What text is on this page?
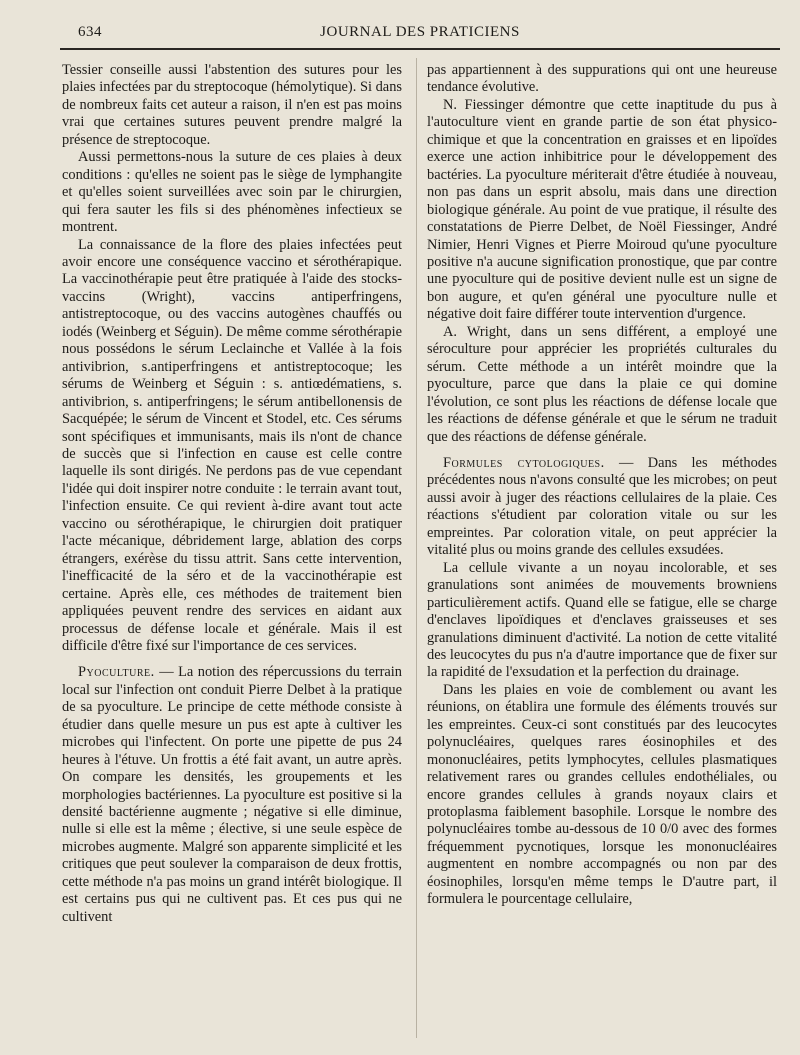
634	JOURNAL DES PRATICIENS

Tessier conseille aussi l'abstention des sutures pour les plaies infectées par du streptocoque (hémolytique). Si dans de nombreux faits cet auteur a raison, il n'en est pas moins vrai que certaines sutures peuvent prendre malgré la présence de streptocoque.

Aussi permettons-nous la suture de ces plaies à deux conditions : qu'elles ne soient pas le siège de lymphangite et qu'elles soient surveillées avec soin par le chirurgien, qui fera sauter les fils si des phénomènes infectieux se montrent.

La connaissance de la flore des plaies infectées peut avoir encore une conséquence vaccino et sérothérapique. La vaccinothérapie peut être pratiquée à l'aide des stocks-vaccins (Wright), vaccins antiperfringens, antistreptocoque, ou des vaccins autogènes chauffés ou iodés (Weinberg et Séguin). De même comme sérothérapie nous possédons le sérum Leclainche et Vallée à la fois antivibrion, s.antiperfringens et antistreptocoque; les sérums de Weinberg et Séguin : s. antiœdématiens, s. antivibrion, s. antiperfringens; le sérum antibellonensis de Sacquépée; le sérum de Vincent et Stodel, etc. Ces sérums sont spécifiques et immunisants, mais ils n'ont de chance de succès que si l'infection en cause est celle contre laquelle ils sont dirigés. Ne perdons pas de vue cependant l'idée qui doit inspirer notre conduite : le terrain avant tout, l'infection ensuite. Ce qui revient à-dire avant tout acte vaccino ou sérothérapique, le chirurgien doit pratiquer l'acte mécanique, débridement large, ablation des corps étrangers, exérèse du tissu attrit. Sans cette intervention, l'inefficacité de la séro et de la vaccinothérapie est certaine. Après elle, ces méthodes de traitement bien appliquées peuvent rendre des services en aidant aux processus de défense locale et générale. Mais il est difficile d'être fixé sur l'importance de ces services.

Pyoculture. — La notion des répercussions du terrain local sur l'infection ont conduit Pierre Delbet à la pratique de sa pyoculture. Le principe de cette méthode consiste à étudier dans quelle mesure un pus est apte à cultiver les microbes qui l'infectent. On porte une pipette de pus 24 heures à l'étuve. Un frottis a été fait avant, un autre après. On compare les densités, les groupements et les morphologies bactériennes. La pyoculture est positive si la densité bactérienne augmente ; négative si elle diminue, nulle si elle est la même ; élective, si une seule espèce de microbes augmente. Malgré son apparente simplicité et les critiques que peut soulever la comparaison de deux frottis, cette méthode n'a pas moins un grand intérêt biologique. Il est certains pus qui ne cultivent pas. Et ces pus qui ne cultivent

pas appartiennent à des suppurations qui ont une heureuse tendance évolutive.

N. Fiessinger démontre que cette inaptitude du pus à l'autoculture vient en grande partie de son état physico-chimique et que la concentration en graisses et en lipoïdes exerce une action inhibitrice pour le développement des bactéries. La pyoculture mériterait d'être étudiée à nouveau, non pas dans un esprit absolu, mais dans une direction biologique générale. Au point de vue pratique, il résulte des constatations de Pierre Delbet, de Noël Fiessinger, André Nimier, Henri Vignes et Pierre Moiroud qu'une pyoculture positive n'a aucune signification pronostique, que par contre une pyoculture qui de positive devient nulle est un signe de bon augure, et qu'en général une pyoculture nulle et négative doit faire différer toute intervention d'urgence.

A. Wright, dans un sens différent, a employé une séroculture pour apprécier les propriétés culturales du sérum. Cette méthode a un intérêt moindre que la pyoculture, parce que dans la plaie ce qui domine l'évolution, ce sont plus les réactions de défense locale que les réactions de défense générale et que le sérum ne traduit que des réactions de défense générale.

Formules cytologiques. — Dans les méthodes précédentes nous n'avons consulté que les microbes; on peut aussi avoir à juger des réactions cellulaires de la plaie. Ces réactions s'étudient par coloration vitale ou sur les empreintes. Par coloration vitale, on peut apprécier la vitalité plus ou moins grande des cellules exsudées.

La cellule vivante a un noyau incolorable, et ses granulations sont animées de mouvements browniens particulièrement actifs. Quand elle se fatigue, elle se charge d'enclaves lipoïdiques et d'enclaves graisseuses et ses granulations diminuent d'activité. La notion de cette vitalité des leucocytes du pus n'a d'autre importance que de fixer sur la rapidité de l'exsudation et la perfection du drainage.

Dans les plaies en voie de comblement ou avant les réunions, on établira une formule des éléments trouvés sur les empreintes. Ceux-ci sont constitués par des leucocytes polynucléaires, quelques rares éosinophiles et des mononucléaires, petits lymphocytes, cellules plasmatiques relativement rares ou grandes cellules endothéliales, ou encore grandes cellules à grands noyaux clairs et protoplasma faiblement basophile. Lorsque le nombre des polynucléaires tombe au-dessous de 10 0/0 avec des formes fréquemment pycnotiques, lorsque les mononucléaires augmentent en nombre accompagnés ou non par des éosinophiles, lorsqu'en même temps le D'autre part, il formulera le pourcentage cellulaire,
